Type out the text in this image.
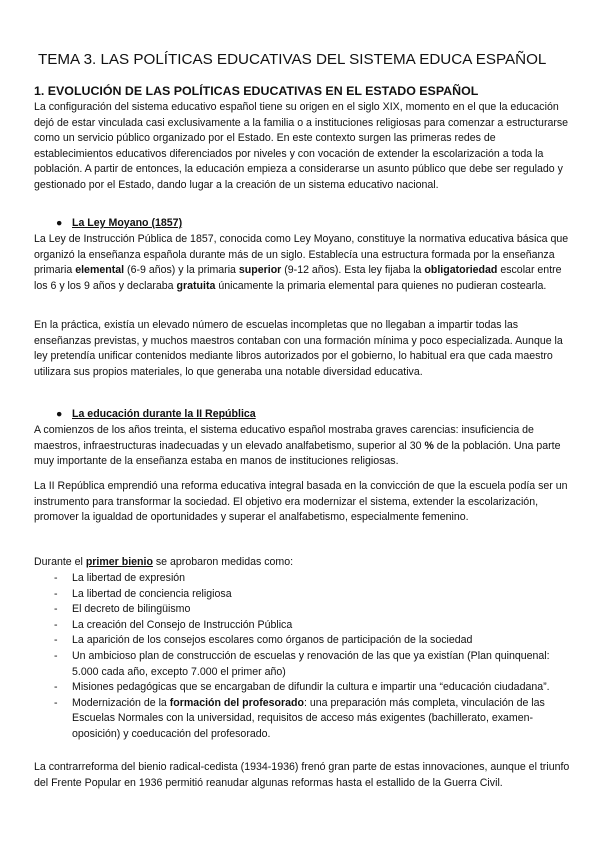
TEMA 3. LAS POLÍTICAS EDUCATIVAS DEL SISTEMA EDUCA ESPAÑOL
1. EVOLUCIÓN DE LAS POLÍTICAS EDUCATIVAS EN EL ESTADO ESPAÑOL

La configuración del sistema educativo español tiene su origen en el siglo XIX, momento en el que la educación dejó de estar vinculada casi exclusivamente a la familia o a instituciones religiosas para comenzar a estructurarse como un servicio público organizado por el Estado. En este contexto surgen las primeras redes de establecimientos educativos diferenciados por niveles y con vocación de extender la escolarización a toda la población. A partir de entonces, la educación empieza a considerarse un asunto público que debe ser regulado y gestionado por el Estado, dando lugar a la creación de un sistema educativo nacional.

● La Ley Moyano (1857)

La Ley de Instrucción Pública de 1857, conocida como Ley Moyano, constituye la normativa educativa básica que organizó la enseñanza española durante más de un siglo. Establecía una estructura formada por la enseñanza primaria elemental (6-9 años) y la primaria superior (9-12 años). Esta ley fijaba la obligatoriedad escolar entre los 6 y los 9 años y declaraba gratuita únicamente la primaria elemental para quienes no pudieran costearla.

En la práctica, existía un elevado número de escuelas incompletas que no llegaban a impartir todas las enseñanzas previstas, y muchos maestros contaban con una formación mínima y poco especializada. Aunque la ley pretendía unificar contenidos mediante libros autorizados por el gobierno, lo habitual era que cada maestro utilizara sus propios materiales, lo que generaba una notable diversidad educativa.

● La educación durante la II República

A comienzos de los años treinta, el sistema educativo español mostraba graves carencias: insuficiencia de maestros, infraestructuras inadecuadas y un elevado analfabetismo, superior al 30 % de la población. Una parte muy importante de la enseñanza estaba en manos de instituciones religiosas.

La II República emprendió una reforma educativa integral basada en la convicción de que la escuela podía ser un instrumento para transformar la sociedad. El objetivo era modernizar el sistema, extender la escolarización, promover la igualdad de oportunidades y superar el analfabetismo, especialmente femenino.

Durante el primer bienio se aprobaron medidas como:

- La libertad de expresión
- La libertad de conciencia religiosa
- El decreto de bilingüismo
- La creación del Consejo de Instrucción Pública
- La aparición de los consejos escolares como órganos de participación de la sociedad
- Un ambicioso plan de construcción de escuelas y renovación de las que ya existían (Plan quinquenal: 5.000 cada año, excepto 7.000 el primer año)
- Misiones pedagógicas que se encargaban de difundir la cultura e impartir una “educación ciudadana”.
- Modernización de la formación del profesorado: una preparación más completa, vinculación de las Escuelas Normales con la universidad, requisitos de acceso más exigentes (bachillerato, examen-oposición) y coeducación del profesorado.

La contrarreforma del bienio radical-cedista (1934-1936) frenó gran parte de estas innovaciones, aunque el triunfo del Frente Popular en 1936 permitió reanudar algunas reformas hasta el estallido de la Guerra Civil.
